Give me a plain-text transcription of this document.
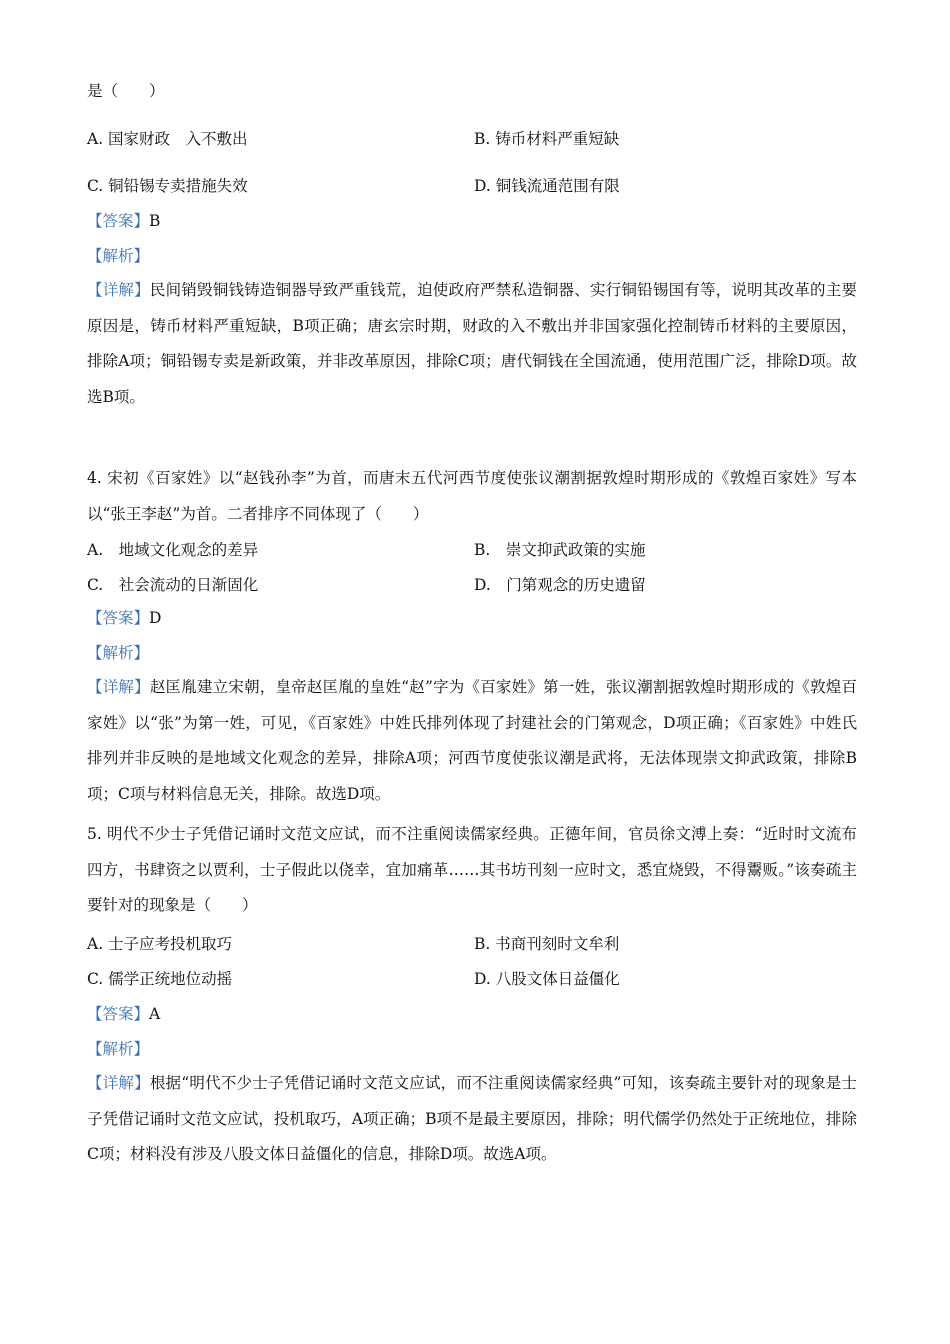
是（　　）
A. 国家财政　入不敷出	B. 铸币材料严重短缺
C. 铜铅锡专卖措施失效	D. 铜钱流通范围有限
【答案】B
【解析】
【详解】民间销毁铜钱铸造铜器导致严重钱荒，迫使政府严禁私造铜器、实行铜铅锡国有等，说明其改革的主要原因是，铸币材料严重短缺，B项正确；唐玄宗时期，财政的入不敷出并非国家强化控制铸币材料的主要原因，排除A项；铜铅锡专卖是新政策，并非改革原因，排除C项；唐代铜钱在全国流通，使用范围广泛，排除D项。故选B项。
4. 宋初《百家姓》以“赵钱孙李”为首，而唐末五代河西节度使张议潮割据敦煌时期形成的《敦煌百家姓》写本以“张王李赵”为首。二者排序不同体现了（　　）
A.　地域文化观念的差异	B.　崇文抑武政策的实施
C.　社会流动的日渐固化	D.　门第观念的历史遗留
【答案】D
【解析】
【详解】赵匡胤建立宋朝，皇帝赵匡胤的皇姓“赵”字为《百家姓》第一姓，张议潮割据敦煌时期形成的《敦煌百家姓》以“张”为第一姓，可见，《百家姓》中姓氏排列体现了封建社会的门第观念，D项正确；《百家姓》中姓氏排列并非反映的是地域文化观念的差异，排除A项；河西节度使张议潮是武将，无法体现崇文抑武政策，排除B项；C项与材料信息无关，排除。故选D项。
5. 明代不少士子凭借记诵时文范文应试，而不注重阅读儒家经典。正德年间，官员徐文溥上奏：“近时时文流布四方，书肆资之以贾利，士子假此以侥幸，宜加痛革……其书坊刊刻一应时文，悉宜烧毁，不得鬻贩。”该奏疏主要针对的现象是（　　）
A. 士子应考投机取巧	B. 书商刊刻时文牟利
C. 儒学正统地位动摇	D. 八股文体日益僵化
【答案】A
【解析】
【详解】根据“明代不少士子凭借记诵时文范文应试，而不注重阅读儒家经典”可知，该奏疏主要针对的现象是士子凭借记诵时文范文应试，投机取巧，A项正确；B项不是最主要原因，排除；明代儒学仍然处于正统地位，排除C项；材料没有涉及八股文体日益僵化的信息，排除D项。故选A项。
